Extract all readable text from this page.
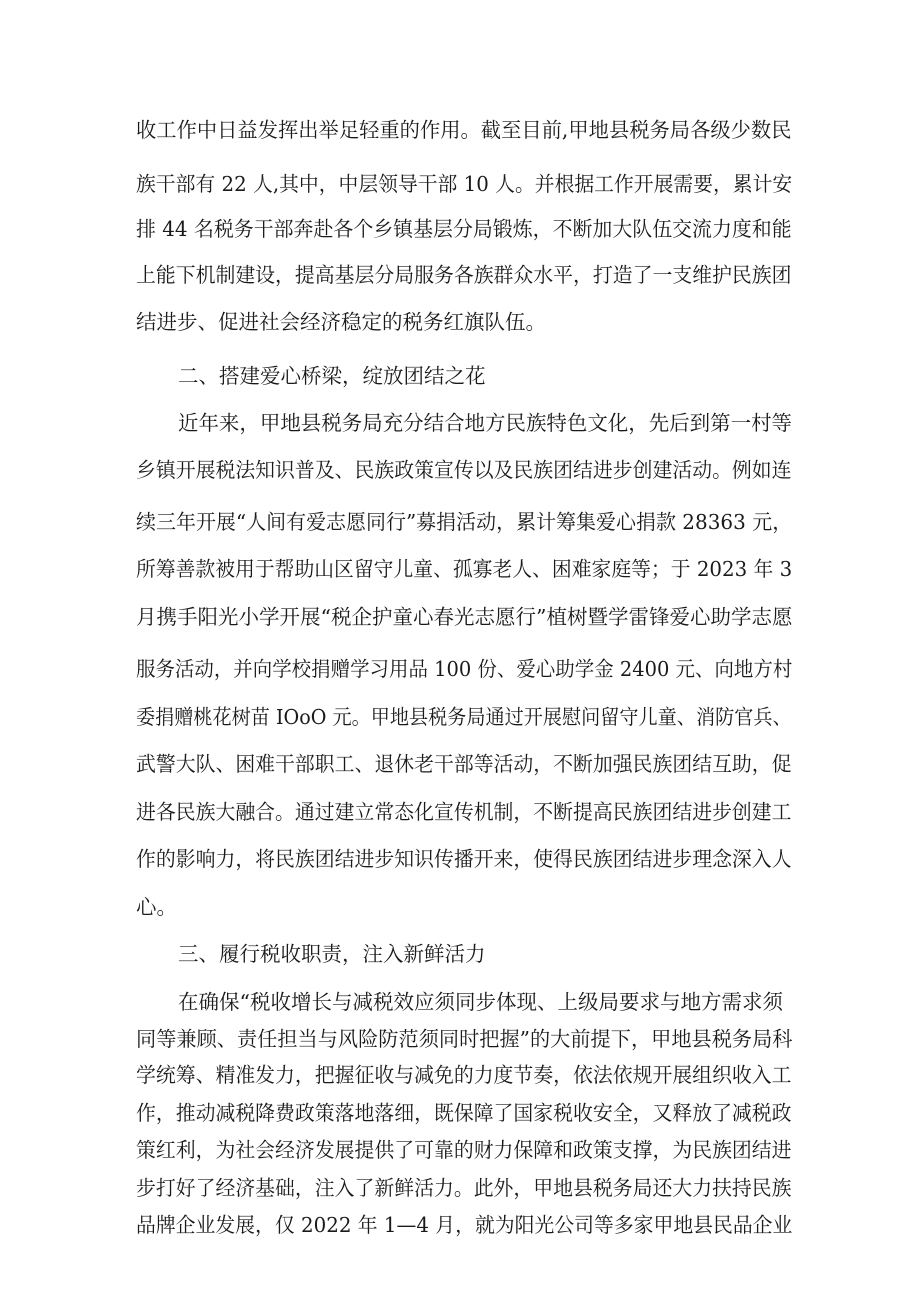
收工作中日益发挥出举足轻重的作用。截至目前,甲地县税务局各级少数民
族干部有 22 人,其中，中层领导干部 10 人。并根据工作开展需要，累计安
排 44 名税务干部奔赴各个乡镇基层分局锻炼，不断加大队伍交流力度和能
上能下机制建设，提高基层分局服务各族群众水平，打造了一支维护民族团
结进步、促进社会经济稳定的税务红旗队伍。
二、搭建爱心桥梁，绽放团结之花
近年来，甲地县税务局充分结合地方民族特色文化，先后到第一村等
乡镇开展税法知识普及、民族政策宣传以及民族团结进步创建活动。例如连
续三年开展“人间有爱志愿同行”募捐活动，累计筹集爱心捐款 28363 元，
所筹善款被用于帮助山区留守儿童、孤寡老人、困难家庭等；于 2023 年 3
月携手阳光小学开展“税企护童心春光志愿行”植树暨学雷锋爱心助学志愿
服务活动，并向学校捐赠学习用品 100 份、爱心助学金 2400 元、向地方村
委捐赠桃花树苗 IOoO 元。甲地县税务局通过开展慰问留守儿童、消防官兵、
武警大队、困难干部职工、退休老干部等活动，不断加强民族团结互助，促
进各民族大融合。通过建立常态化宣传机制，不断提高民族团结进步创建工
作的影响力，将民族团结进步知识传播开来，使得民族团结进步理念深入人
心。
三、履行税收职责，注入新鲜活力
在确保“税收增长与减税效应须同步体现、上级局要求与地方需求须
同等兼顾、责任担当与风险防范须同时把握”的大前提下，甲地县税务局科
学统筹、精准发力，把握征收与减免的力度节奏，依法依规开展组织收入工
作，推动减税降费政策落地落细，既保障了国家税收安全，又释放了减税政
策红利，为社会经济发展提供了可靠的财力保障和政策支撑，为民族团结进
步打好了经济基础，注入了新鲜活力。此外，甲地县税务局还大力扶持民族
品牌企业发展，仅 2022 年 1—4 月，就为阳光公司等多家甲地县民品企业
